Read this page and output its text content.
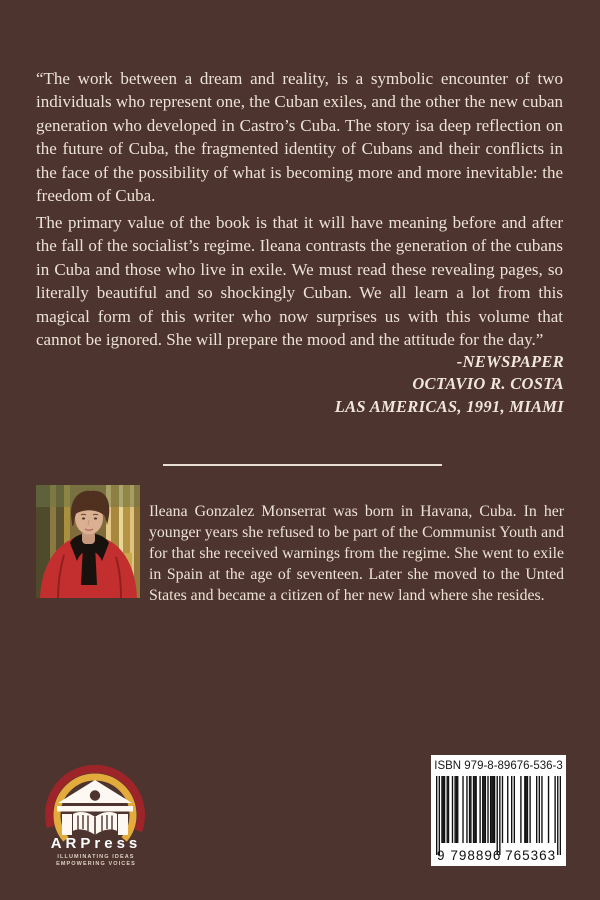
“The work between a dream and reality, is a symbolic encounter of two individuals who represent one, the Cuban exiles, and the other the new cuban generation who developed in Castro’s Cuba. The story isa deep reflection on the future of Cuba, the fragmented identity of Cubans and their conflicts in the face of the possibility of what is becoming more and more inevitable: the freedom of Cuba.

The primary value of the book is that it will have meaning before and after the fall of the socialist’s regime. Ileana contrasts the generation of the cubans in Cuba and those who live in exile. We must read these revealing pages, so literally beautiful and so shockingly Cuban. We all learn a lot from this magical form of this writer who now surprises us with this volume that cannot be ignored. She will prepare the mood and the attitude for the day.”

-NEWSPAPER
OCTAVIO R. COSTA
LAS AMERICAS, 1991, MIAMI

Ileana Gonzalez Monserrat was born in Havana, Cuba. In her younger years she refused to be part of the Communist Youth and for that she received warnings from the regime. She went to exile in Spain at the age of seventeen. Later she moved to the Unted States and became a citizen of her new land where she resides.

ARPress
ILLUMINATING IDEAS
EMPOWERING VOICES
ISBN 979-8-89676-536-3
9 798896 765363
